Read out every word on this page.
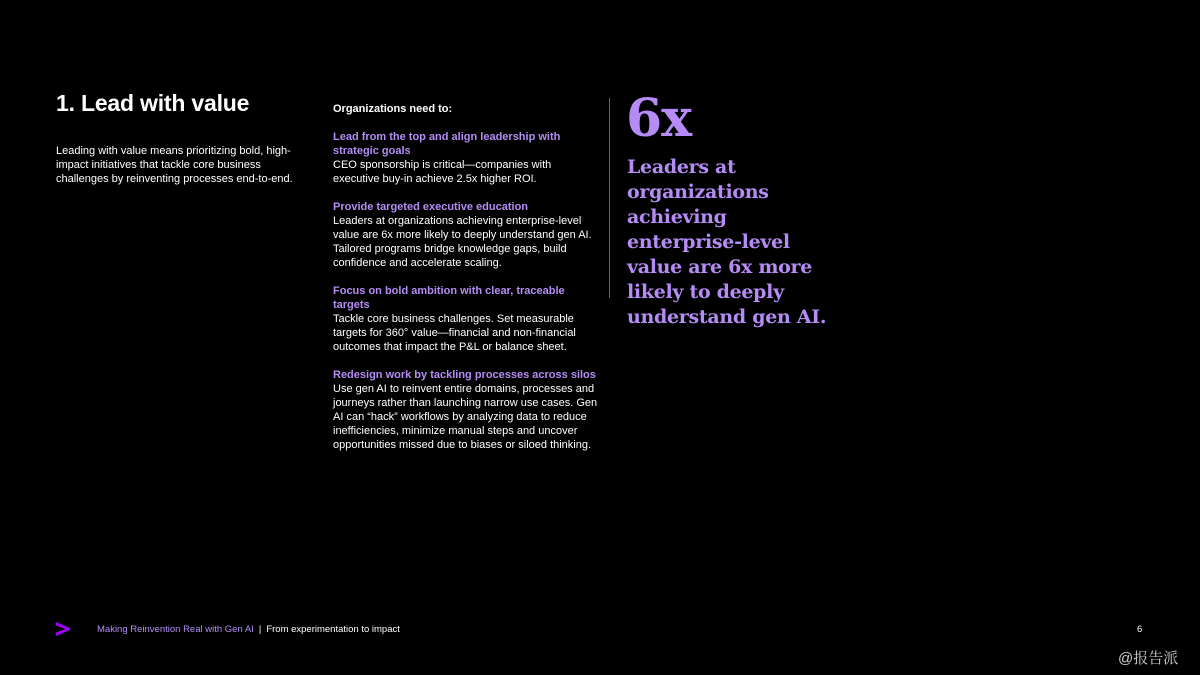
1. Lead with value

Leading with value means prioritizing bold, high-impact initiatives that tackle core business challenges by reinventing processes end-to-end.

Organizations need to:

Lead from the top and align leadership with strategic goals
CEO sponsorship is critical—companies with executive buy-in achieve 2.5x higher ROI.
Provide targeted executive education
Leaders at organizations achieving enterprise-level value are 6x more likely to deeply understand gen AI. Tailored programs bridge knowledge gaps, build confidence and accelerate scaling.
Focus on bold ambition with clear, traceable targets
Tackle core business challenges. Set measurable targets for 360° value—financial and non-financial outcomes that impact the P&L or balance sheet.
Redesign work by tackling processes across silos
Use gen AI to reinvent entire domains, processes and journeys rather than launching narrow use cases. Gen AI can “hack” workflows by analyzing data to reduce inefficiencies, minimize manual steps and uncover opportunities missed due to biases or siloed thinking.
6x

Leaders at organizations achieving enterprise-level value are 6x more likely to deeply understand gen AI.

Making Reinvention Real with Gen AI | From experimentation to impact	6
@报告派
